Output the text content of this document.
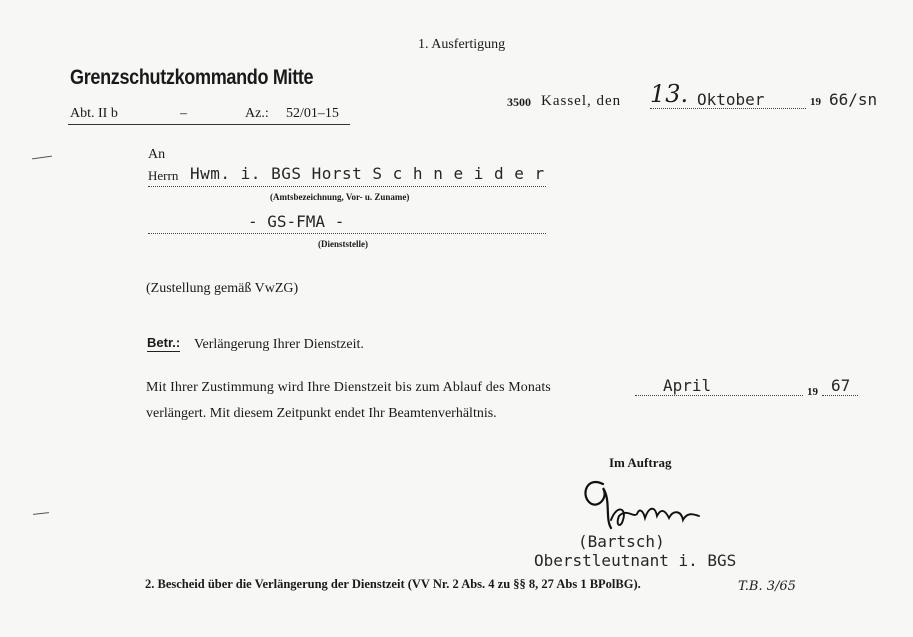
1. Ausfertigung
Grenzschutzkommando Mitte
Abt. II b	–	Az.: 52/01–15
3500 Kassel, den 13. Oktober	19 66/sn
An
Herrn Hwm. i. BGS Horst S c h n e i d e r
(Amtsbezeichnung, Vor- u. Zuname)
- GS-FMA -
(Dienststelle)
(Zustellung gemäß VwZG)
Betr.: Verlängerung Ihrer Dienstzeit.
Mit Ihrer Zustimmung wird Ihre Dienstzeit bis zum Ablauf des Monats	April	19 67
verlängert. Mit diesem Zeitpunkt endet Ihr Beamtenverhältnis.
Im Auftrag
(Bartsch)
Oberstleutnant i. BGS
2. Bescheid über die Verlängerung der Dienstzeit (VV Nr. 2 Abs. 4 zu §§ 8, 27 Abs 1 BPolBG).	T.B. 3/65
